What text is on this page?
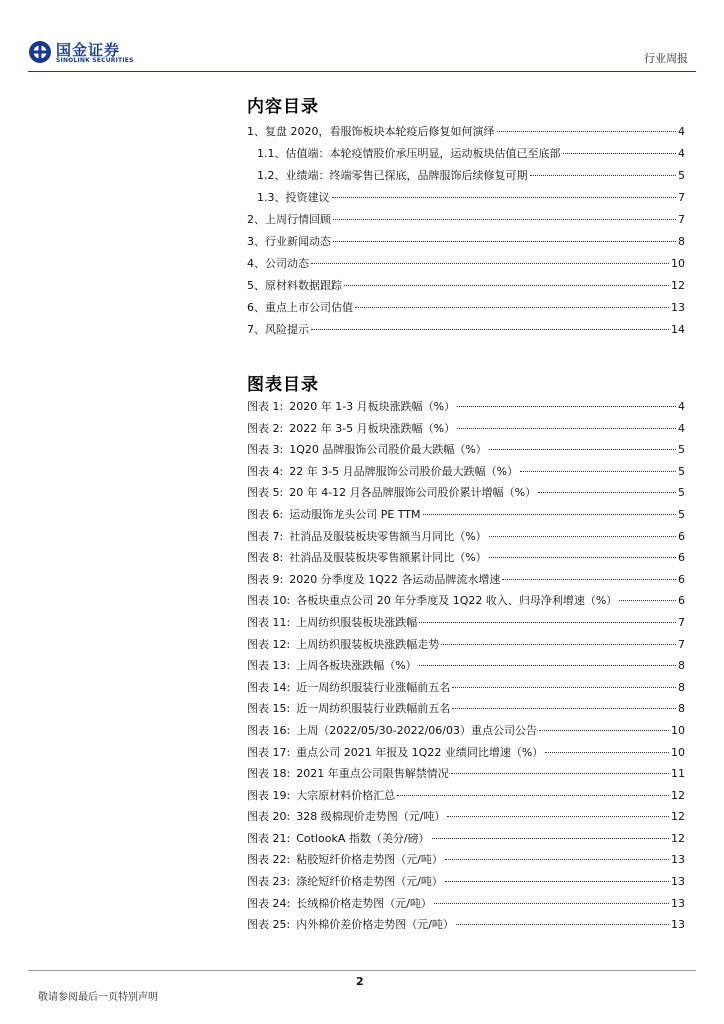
国金证券
SINOLINK SECURITIES	行业周报
内容目录
1、复盘 2020，看服饰板块本轮疫后修复如何演绎	4
1.1、估值端：本轮疫情股价承压明显，运动板块估值已至底部	4
1.2、业绩端：终端零售已探底，品牌服饰后续修复可期	5
1.3、投资建议	7
2、上周行情回顾	7
3、行业新闻动态	8
4、公司动态	10
5、原材料数据跟踪	12
6、重点上市公司估值	13
7、风险提示	14
图表目录
图表 1: 2020 年 1-3 月板块涨跌幅（%）	4
图表 2: 2022 年 3-5 月板块涨跌幅（%）	4
图表 3: 1Q20 品牌服饰公司股价最大跌幅（%）	5
图表 4: 22 年 3-5 月品牌服饰公司股价最大跌幅（%）	5
图表 5: 20 年 4-12 月各品牌服饰公司股价累计增幅（%）	5
图表 6: 运动服饰龙头公司 PE TTM	5
图表 7: 社消品及服装板块零售额当月同比（%）	6
图表 8: 社消品及服装板块零售额累计同比（%）	6
图表 9: 2020 分季度及 1Q22 各运动品牌流水增速	6
图表 10: 各板块重点公司 20 年分季度及 1Q22 收入、归母净利增速（%）	6
图表 11: 上周纺织服装板块涨跌幅	7
图表 12: 上周纺织服装板块涨跌幅走势	7
图表 13: 上周各板块涨跌幅（%）	8
图表 14: 近一周纺织服装行业涨幅前五名	8
图表 15: 近一周纺织服装行业跌幅前五名	8
图表 16: 上周（2022/05/30-2022/06/03）重点公司公告	10
图表 17: 重点公司 2021 年报及 1Q22 业绩同比增速（%）	10
图表 18: 2021 年重点公司限售解禁情况	11
图表 19: 大宗原材料价格汇总	12
图表 20: 328 级棉现价走势图（元/吨）	12
图表 21: CotlookA 指数（美分/磅）	12
图表 22: 粘胶短纤价格走势图（元/吨）	13
图表 23: 涤纶短纤价格走势图（元/吨）	13
图表 24: 长绒棉价格走势图（元/吨）	13
图表 25: 内外棉价差价格走势图（元/吨）	13
2
敬请参阅最后一页特别声明
